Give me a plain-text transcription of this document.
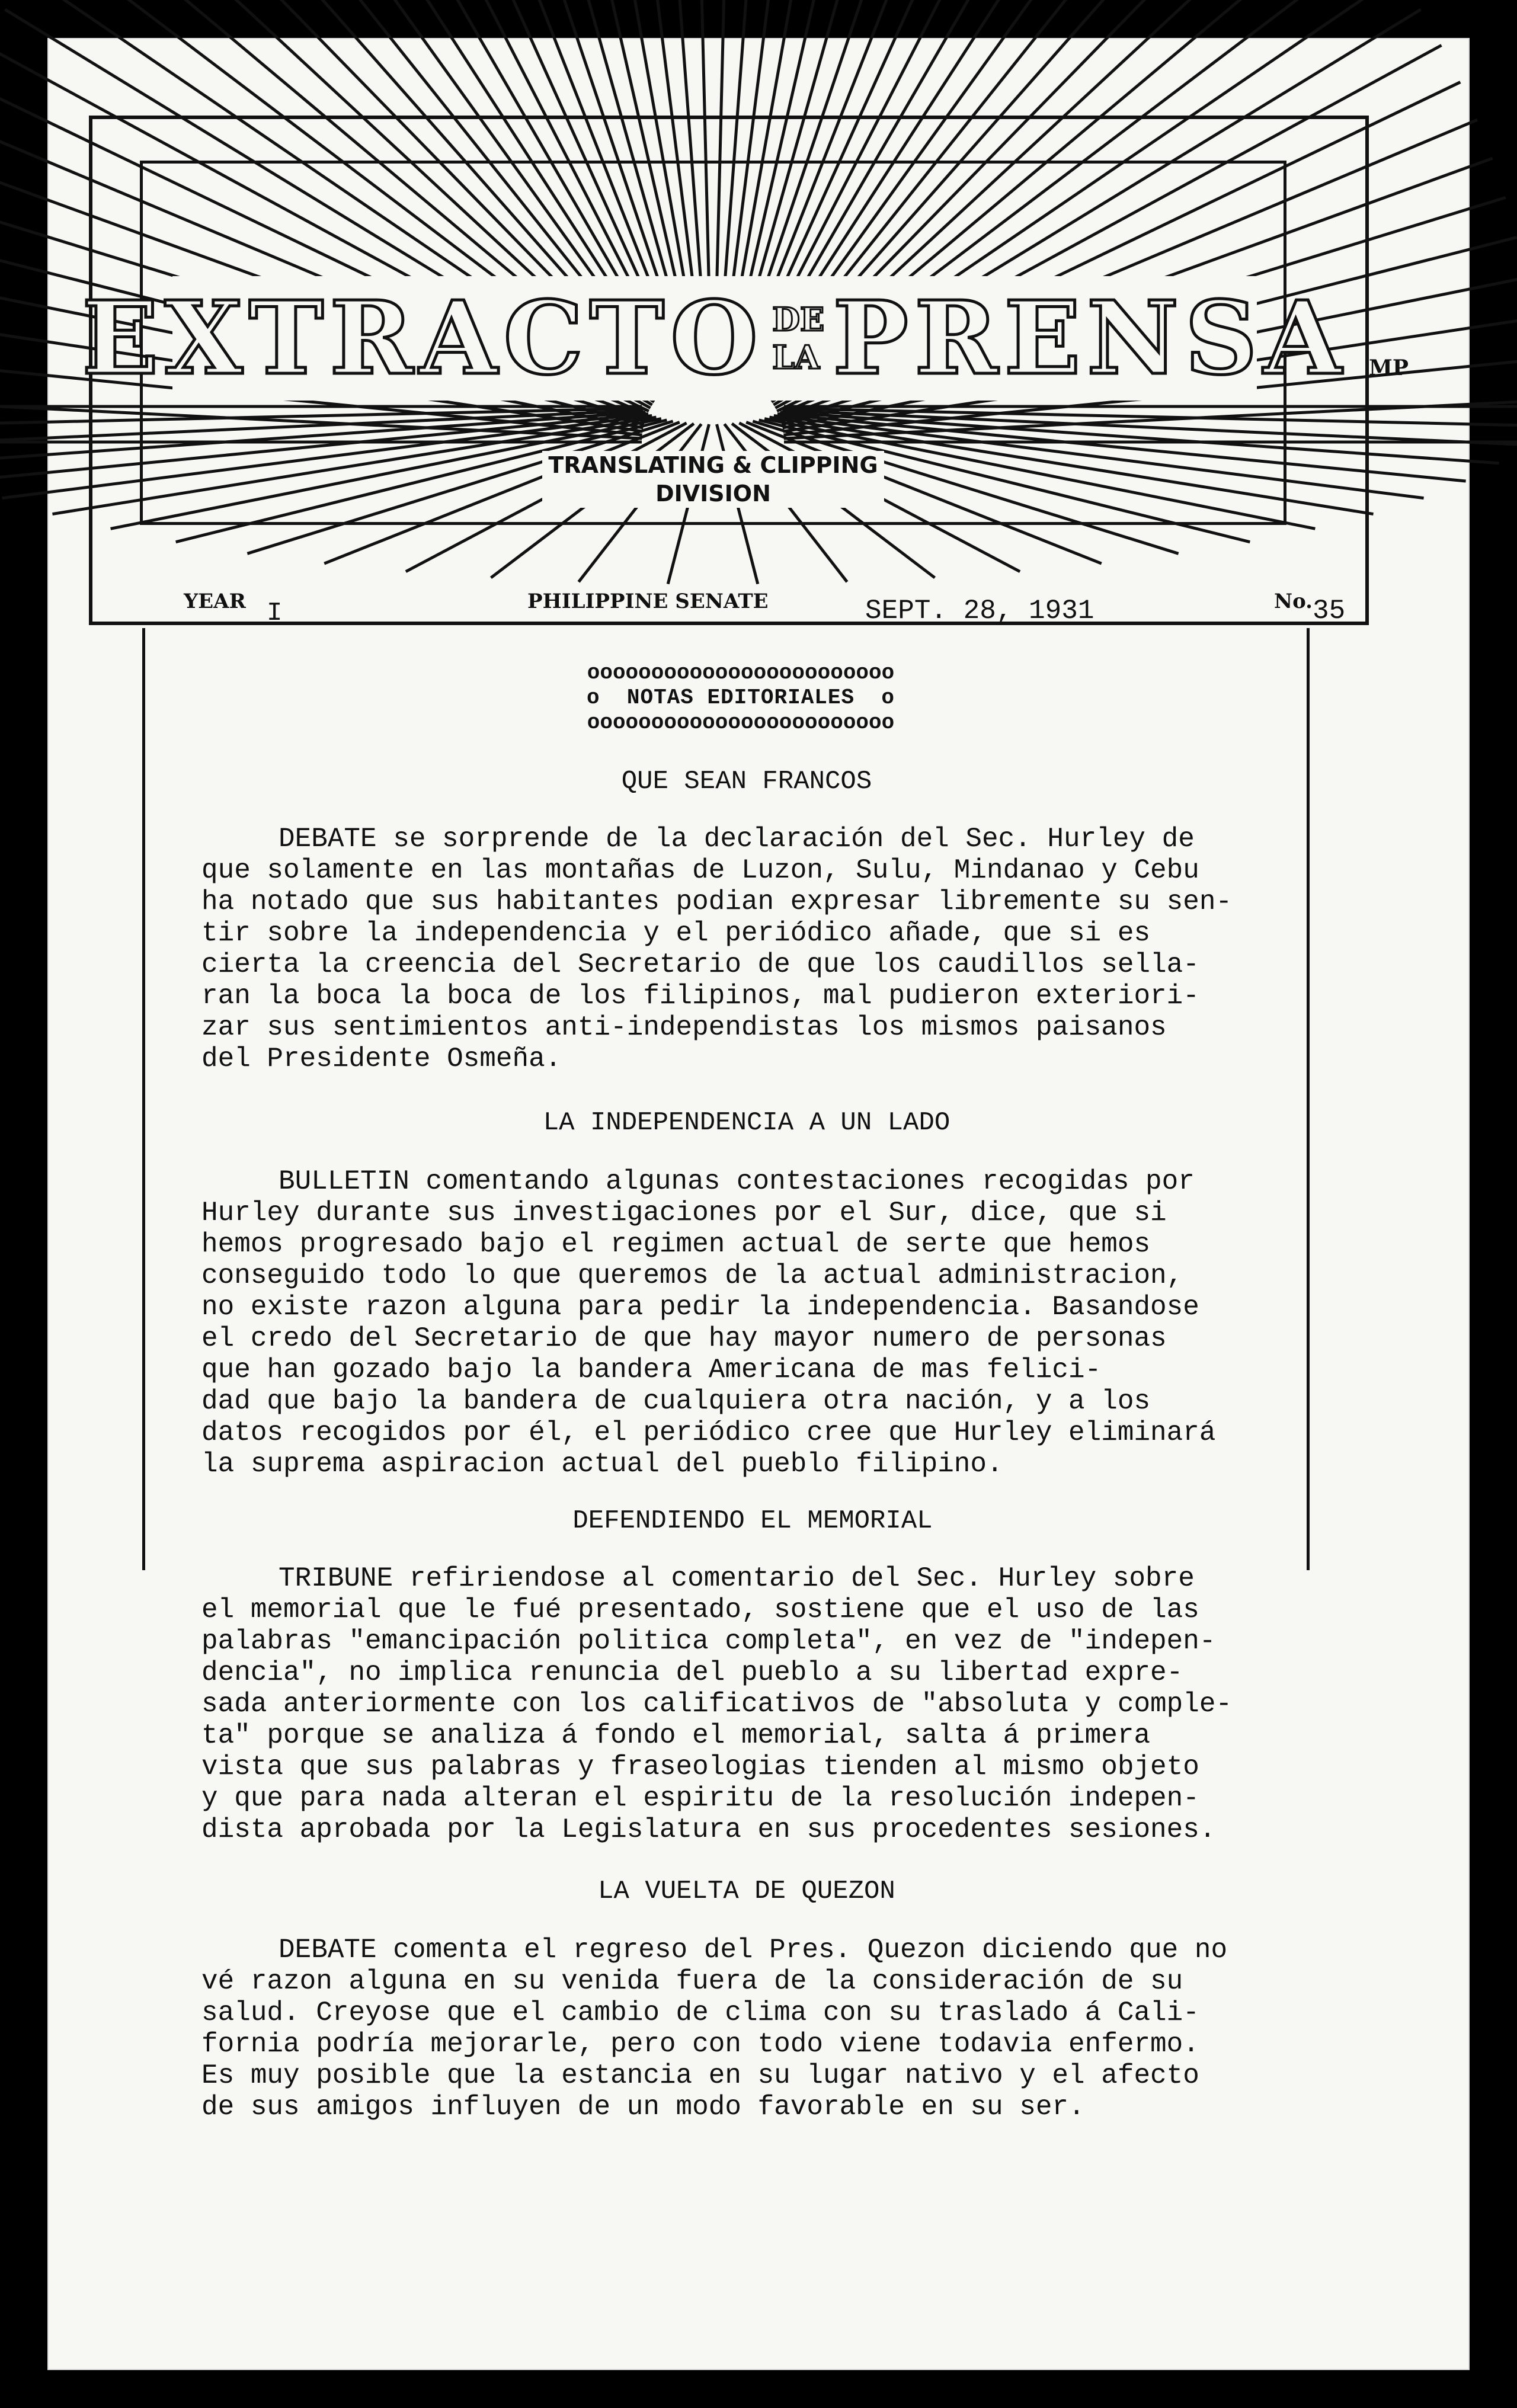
EXTRACTO DE LA PRENSA
TRANSLATING & CLIPPING
DIVISION
MP
YEAR I	PHILIPPINE SENATE	SEPT. 28, 1931	No. 35
oooooooooooooooooooooooo
o  NOTAS EDITORIALES  o
oooooooooooooooooooooooo
QUE SEAN FRANCOS
DEBATE se sorprende de la declaración del Sec. Hurley de
que solamente en las montañas de Luzon, Sulu, Mindanao y Cebu
ha notado que sus habitantes podian expresar libremente su sen-
tir sobre la independencia y el periódico añade, que si es
cierta la creencia del Secretario de que los caudillos sella-
ran la boca la boca de los filipinos, mal pudieron exteriori-
zar sus sentimientos anti-independistas los mismos paisanos
del Presidente Osmeña.
LA INDEPENDENCIA A UN LADO
BULLETIN comentando algunas contestaciones recogidas por
Hurley durante sus investigaciones por el Sur, dice, que si
hemos progresado bajo el regimen actual de serte que hemos
conseguido todo lo que queremos de la actual administracion,
no existe razon alguna para pedir la independencia. Basandose
el credo del Secretario de que hay mayor numero de personas
que han gozado bajo la bandera Americana de mas felici-
dad que bajo la bandera de cualquiera otra nación, y a los
datos recogidos por él, el periódico cree que Hurley eliminará
la suprema aspiracion actual del pueblo filipino.
DEFENDIENDO EL MEMORIAL
TRIBUNE refiriendose al comentario del Sec. Hurley sobre
el memorial que le fué presentado, sostiene que el uso de las
palabras "emancipación politica completa", en vez de "indepen-
dencia", no implica renuncia del pueblo a su libertad expre-
sada anteriormente con los calificativos de "absoluta y comple-
ta" porque se analiza á fondo el memorial, salta á primera
vista que sus palabras y fraseologias tienden al mismo objeto
y que para nada alteran el espiritu de la resolución indepen-
dista aprobada por la Legislatura en sus procedentes sesiones.
LA VUELTA DE QUEZON
DEBATE comenta el regreso del Pres. Quezon diciendo que no
vé razon alguna en su venida fuera de la consideración de su
salud. Creyose que el cambio de clima con su traslado á Cali-
fornia podría mejorarle, pero con todo viene todavia enfermo.
Es muy posible que la estancia en su lugar nativo y el afecto
de sus amigos influyen de un modo favorable en su ser.
